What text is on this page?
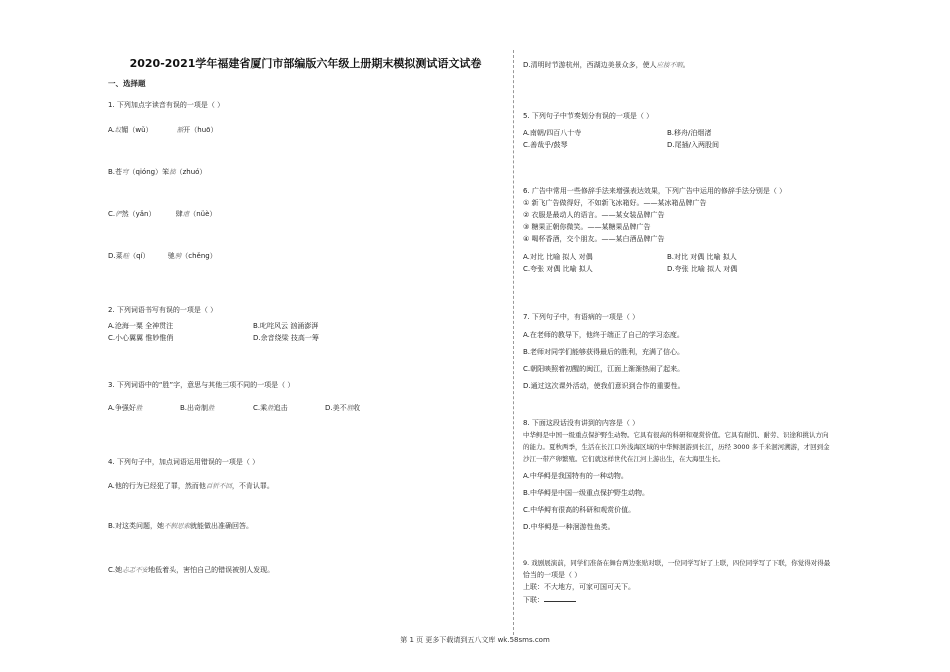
2020-2021学年福建省厦门市部编版六年级上册期末模拟测试语文试卷
一、选择题
1. 下列加点字读音有误的一项是（ ）
A.纹媚（wǔ）	豁开（huō）
B.苍穹（qióng）笨拙（zhuó）
C.俨然（yǎn）	肆虐（nüè）
D.菜畦（qí）	驰骋（chěng）
2. 下列词语书写有误的一项是（ ）
A.沧海一粟 全神贯注	B.叱咤风云 汹涌澎湃
C.小心翼翼 惟妙惟俏	D.余音绕梁 技高一筹
3. 下列词语中的“胜”字，意思与其他三项不同的一项是（ ）
A.争强好胜	B.出奇制胜	C.乘胜追击	D.美不胜收
4. 下列句子中，加点词语运用错误的一项是（ ）
A.他的行为已经犯了罪，然而他百折不回，不肯认罪。
B.对这类问题，她不假思索就能做出准确回答。
C.她忐忑不安地低着头，害怕自己的错误被别人发现。
D.清明时节游杭州，西湖边美景众多，使人应接不暇。
5. 下列句子中节奏划分有误的一项是（ ）
A.南朝/四百八十寺	B.移舟/泊烟渚
C.善哉乎/鼓琴	D.尾插/入两股间
6. 广告中常用一些修辞手法来增强表达效果，下列广告中运用的修辞手法分别是（ ）
① 新飞广告做得好，不如新飞冰箱好。——某冰箱品牌广告
② 衣服是最动人的语言。——某女装品牌广告
③ 糖果正朝你微笑。——某糖果品牌广告
④ 喝杯香酒，交个朋友。——某白酒品牌广告
A.对比 比喻 拟人 对偶	B.对比 对偶 比喻 拟人
C.夸张 对偶 比喻 拟人	D.夸张 比喻 拟人 对偶
7. 下列句子中，有语病的一项是（ ）
A.在老师的教导下，他终于端正了自己的学习态度。
B.老师对同学们能够获得最后的胜利，充满了信心。
C.朝阳映照着初醒的闽江，江面上渐渐热闹了起来。
D.通过这次课外活动，使我们意识到合作的重要性。
8. 下面这段话没有讲到的内容是（ ）
中华鲟是中国一级重点保护野生动物。它具有很高的科研和观赏价值。它具有耐饥、耐劳、识途和挑认方向
的能力。夏秋两季，生活在长江口外浅海区域的中华鲟洄游到长江，历经 3000 多千米洄河溯游，才回到金
沙江一带产卵繁殖。它们就这样世代在江河上游出生，在大海里生长。
A.中华鲟是我国特有的一种动物。
B.中华鲟是中国一级重点保护野生动物。
C.中华鲟有很高的科研和观赏价值。
D.中华鲟是一种洄游性鱼类。
9. 戏剧展演前，同学们准备在舞台两边张贴对联，一位同学写好了上联，四位同学写了下联，你觉得对得最
恰当的一项是（ ）
上联：不大地方，可家可国可天下。
下联：
第 1 页 更多下载请到五八文库 wk.58sms.com
